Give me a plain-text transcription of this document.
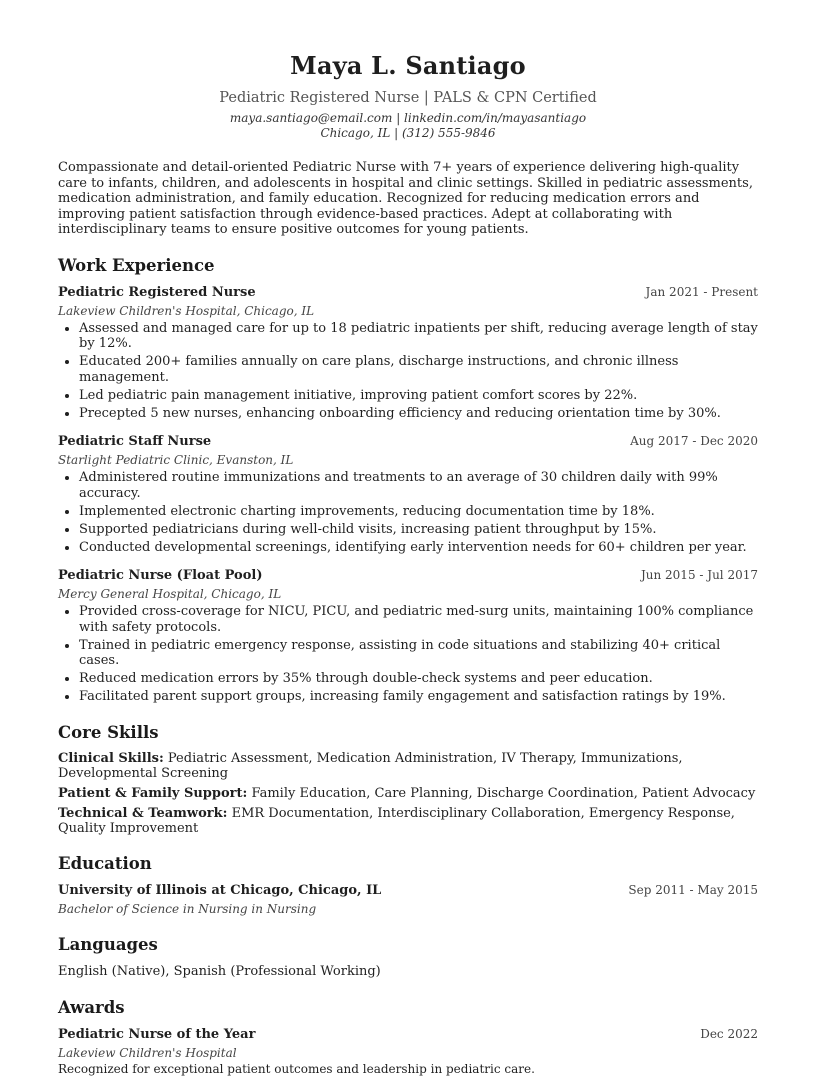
Maya L. Santiago
Pediatric Registered Nurse | PALS & CPN Certified
maya.santiago@email.com | linkedin.com/in/mayasantiago
Chicago, IL | (312) 555-9846
Compassionate and detail-oriented Pediatric Nurse with 7+ years of experience delivering high-quality care to infants, children, and adolescents in hospital and clinic settings. Skilled in pediatric assessments, medication administration, and family education. Recognized for reducing medication errors and improving patient satisfaction through evidence-based practices. Adept at collaborating with interdisciplinary teams to ensure positive outcomes for young patients.
Work Experience
Pediatric Registered Nurse	Jan 2021 - Present
Lakeview Children's Hospital, Chicago, IL
• Assessed and managed care for up to 18 pediatric inpatients per shift, reducing average length of stay by 12%.
• Educated 200+ families annually on care plans, discharge instructions, and chronic illness management.
• Led pediatric pain management initiative, improving patient comfort scores by 22%.
• Precepted 5 new nurses, enhancing onboarding efficiency and reducing orientation time by 30%.
Pediatric Staff Nurse	Aug 2017 - Dec 2020
Starlight Pediatric Clinic, Evanston, IL
• Administered routine immunizations and treatments to an average of 30 children daily with 99% accuracy.
• Implemented electronic charting improvements, reducing documentation time by 18%.
• Supported pediatricians during well-child visits, increasing patient throughput by 15%.
• Conducted developmental screenings, identifying early intervention needs for 60+ children per year.
Pediatric Nurse (Float Pool)	Jun 2015 - Jul 2017
Mercy General Hospital, Chicago, IL
• Provided cross-coverage for NICU, PICU, and pediatric med-surg units, maintaining 100% compliance with safety protocols.
• Trained in pediatric emergency response, assisting in code situations and stabilizing 40+ critical cases.
• Reduced medication errors by 35% through double-check systems and peer education.
• Facilitated parent support groups, increasing family engagement and satisfaction ratings by 19%.
Core Skills
Clinical Skills: Pediatric Assessment, Medication Administration, IV Therapy, Immunizations, Developmental Screening
Patient & Family Support: Family Education, Care Planning, Discharge Coordination, Patient Advocacy
Technical & Teamwork: EMR Documentation, Interdisciplinary Collaboration, Emergency Response, Quality Improvement
Education
University of Illinois at Chicago, Chicago, IL	Sep 2011 - May 2015
Bachelor of Science in Nursing in Nursing
Languages
English (Native), Spanish (Professional Working)
Awards
Pediatric Nurse of the Year	Dec 2022
Lakeview Children's Hospital
Recognized for exceptional patient outcomes and leadership in pediatric care.
